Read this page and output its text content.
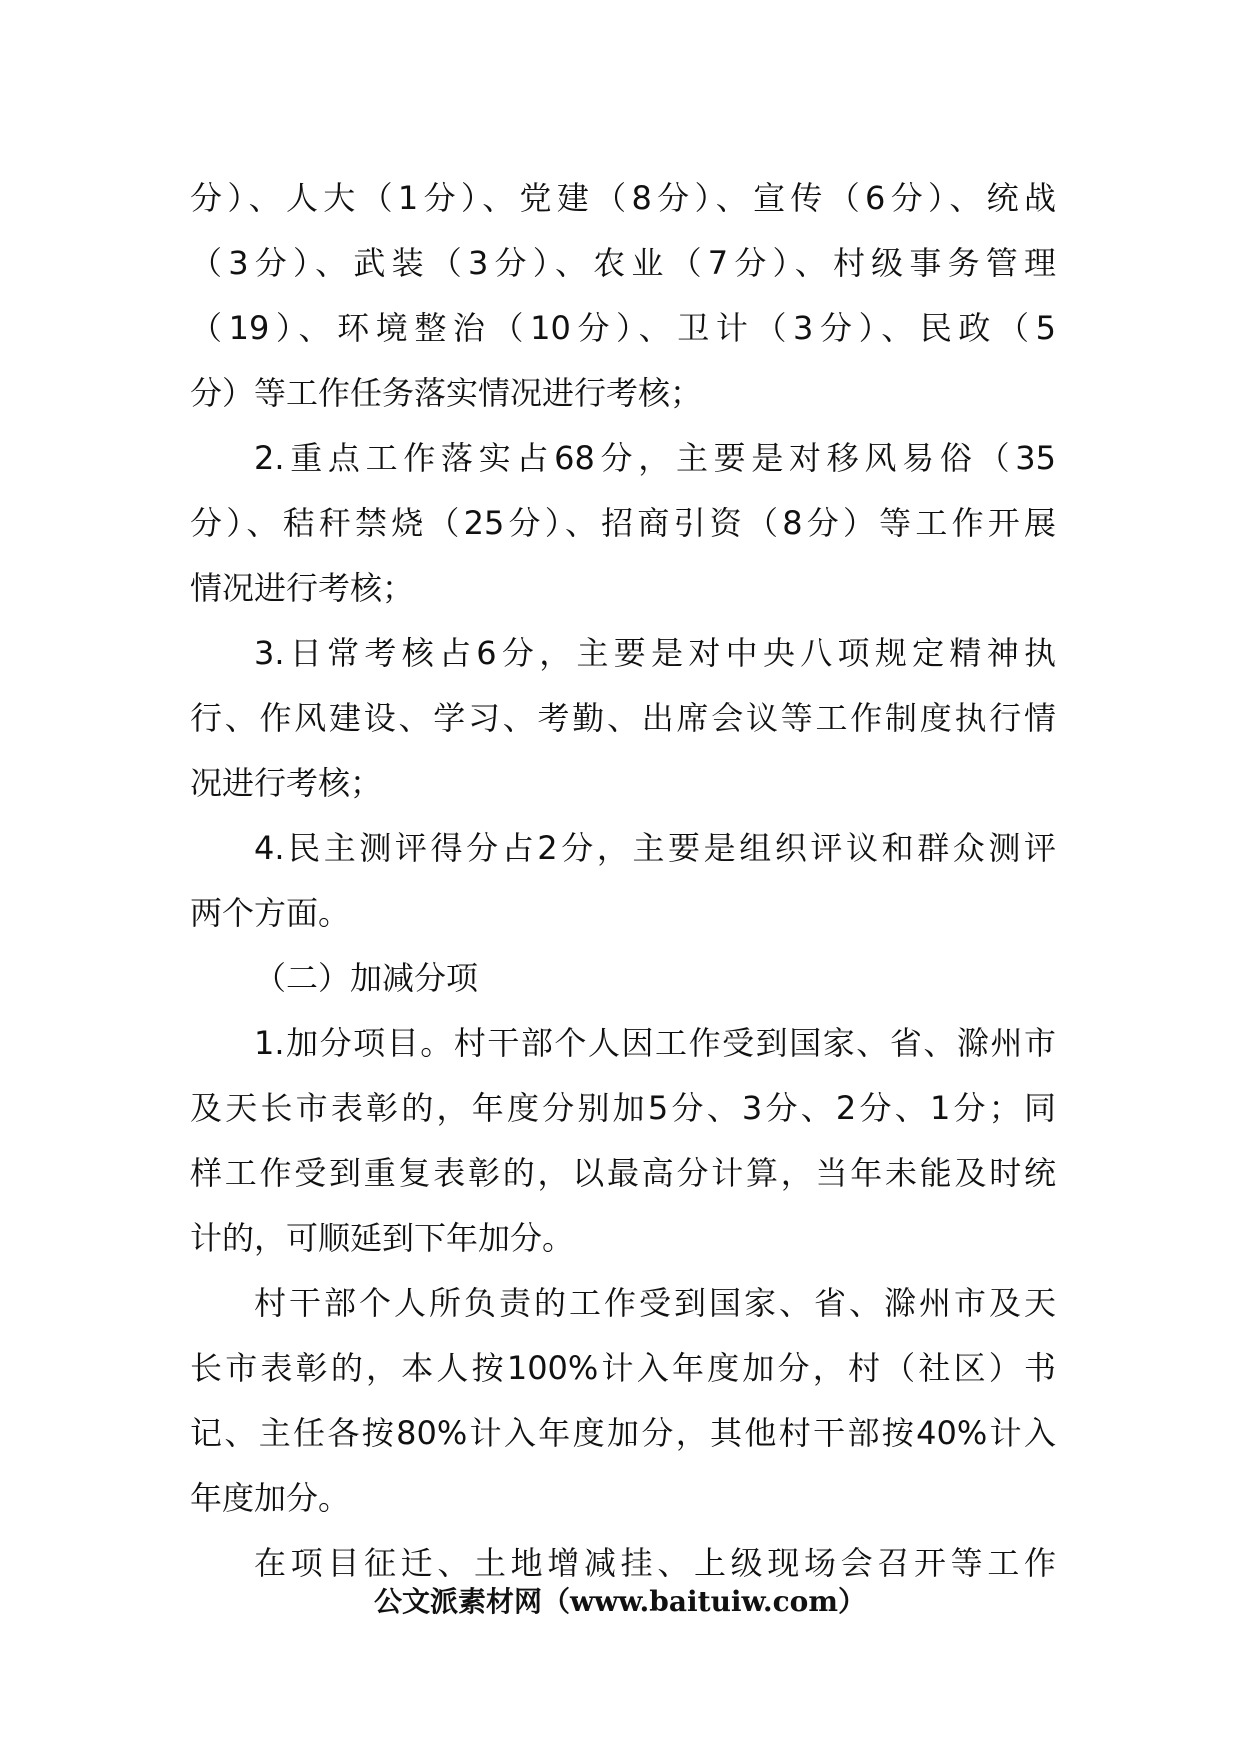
分）、人大（1分）、党建（8分）、宣传（6分）、统战
（3分）、武装（3分）、农业（7分）、村级事务管理
（19）、环境整治（10分）、卫计（3分）、民政（5
分）等工作任务落实情况进行考核；
2.重点工作落实占68分，主要是对移风易俗（35
分）、秸秆禁烧（25分）、招商引资（8分）等工作开展
情况进行考核；
3.日常考核占6分，主要是对中央八项规定精神执
行、作风建设、学习、考勤、出席会议等工作制度执行情
况进行考核；
4.民主测评得分占2分，主要是组织评议和群众测评
两个方面。
（二）加减分项
1.加分项目。村干部个人因工作受到国家、省、滁州市
及天长市表彰的，年度分别加5分、3分、2分、1分；同
样工作受到重复表彰的，以最高分计算，当年未能及时统
计的，可顺延到下年加分。
村干部个人所负责的工作受到国家、省、滁州市及天
长市表彰的，本人按100%计入年度加分，村（社区）书
记、主任各按80%计入年度加分，其他村干部按40%计入
年度加分。
在项目征迁、土地增减挂、上级现场会召开等工作
公文派素材网（www.baituiw.com）
